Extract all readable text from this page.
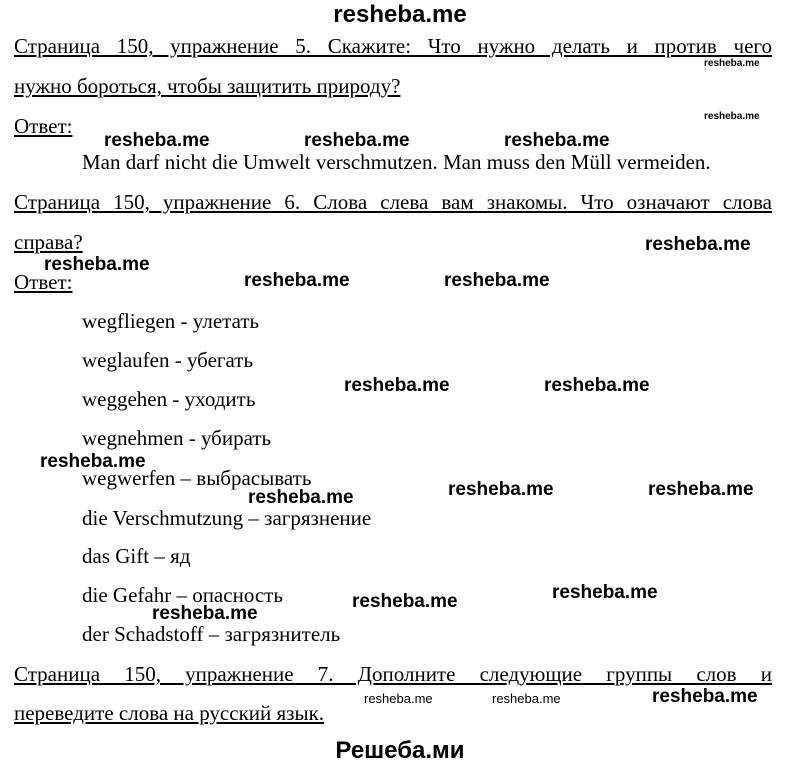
resheba.me
Страница 150, упражнение 5. Скажите: Что нужно делать и против чего
нужно бороться, чтобы защитить природу?
Ответ:
Man darf nicht die Umwelt verschmutzen. Man muss den Müll vermeiden.
Страница 150, упражнение 6. Слова слева вам знакомы. Что означают слова
справа?
Ответ:
wegfliegen - улетать
weglaufen - убегать
weggehen - уходить
wegnehmen - убирать
wegwerfen – выбрасывать
die Verschmutzung – загрязнение
das Gift – яд
die Gefahr – опасность
der Schadstoff – загрязнитель
Страница 150, упражнение 7. Дополните следующие группы слов и
переведите слова на русский язык.
resheba.me
resheba.me
resheba.me	resheba.me	resheba.me
resheba.me
resheba.me
resheba.me	resheba.me
resheba.me	resheba.me
resheba.me
resheba.me	resheba.me	resheba.me
resheba.me
resheba.me
resheba.me
resheba.me	resheba.me	resheba.me
Решеба.ми
